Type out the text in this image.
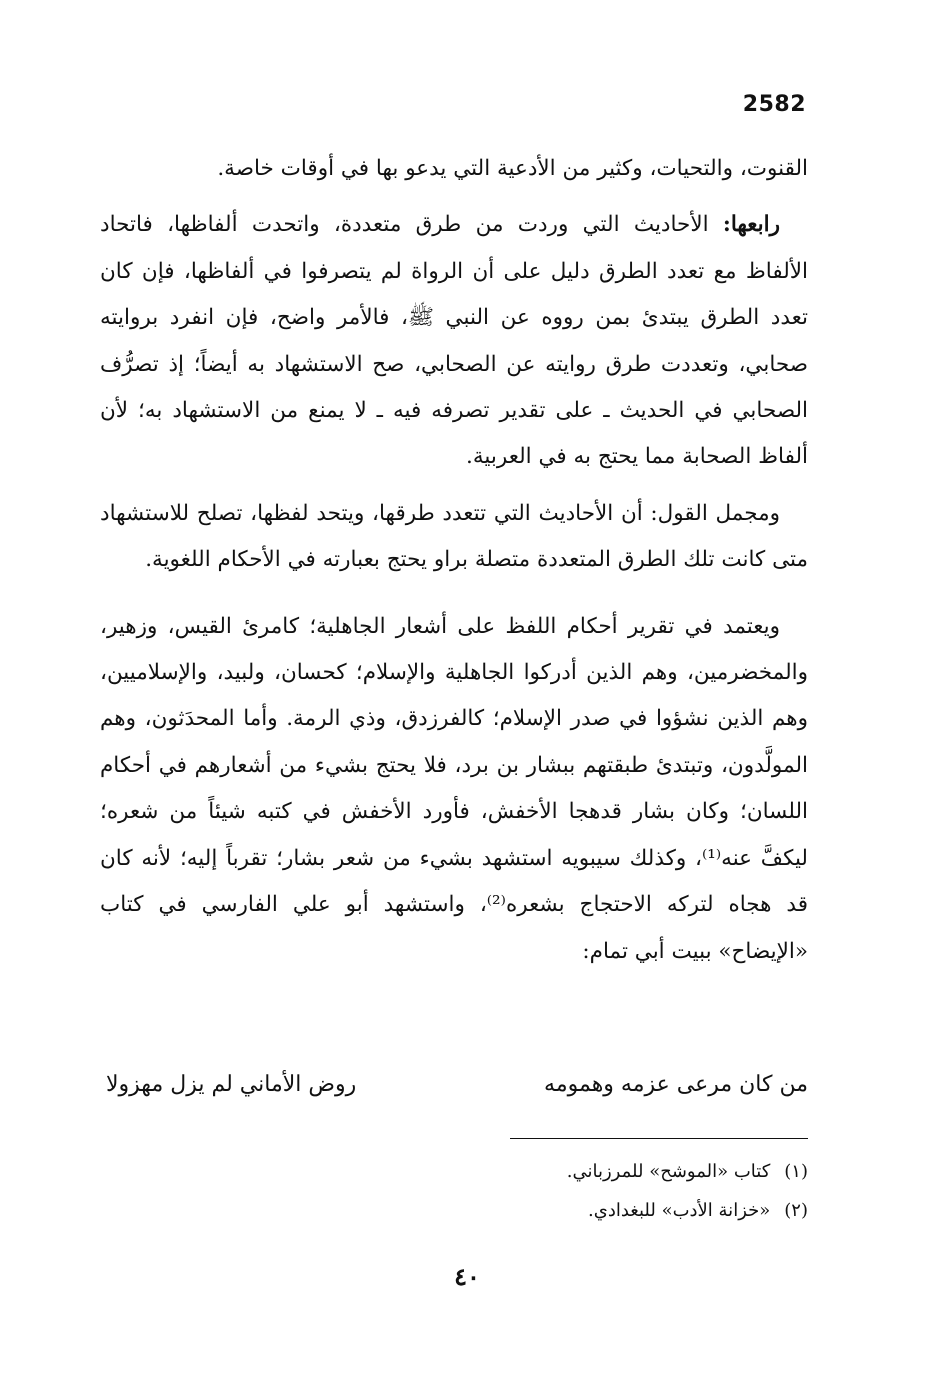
2582

القنوت، والتحيات، وكثير من الأدعية التي يدعو بها في أوقات خاصة.

رابعها: الأحاديث التي وردت من طرق متعددة، واتحدت ألفاظها، فاتحاد الألفاظ مع تعدد الطرق دليل على أن الرواة لم يتصرفوا في ألفاظها، فإن كان تعدد الطرق يبتدئ بمن رووه عن النبي ﷺ، فالأمر واضح، فإن انفرد بروايته صحابي، وتعددت طرق روايته عن الصحابي، صح الاستشهاد به أيضاً؛ إذ تصرُّف الصحابي في الحديث ـ على تقدير تصرفه فيه ـ لا يمنع من الاستشهاد به؛ لأن ألفاظ الصحابة مما يحتج به في العربية.

ومجمل القول: أن الأحاديث التي تتعدد طرقها، ويتحد لفظها، تصلح للاستشهاد متى كانت تلك الطرق المتعددة متصلة براو يحتج بعبارته في الأحكام اللغوية.

ويعتمد في تقرير أحكام اللفظ على أشعار الجاهلية؛ كامرئ القيس، وزهير، والمخضرمين، وهم الذين أدركوا الجاهلية والإسلام؛ كحسان، ولبيد، والإسلاميين، وهم الذين نشؤوا في صدر الإسلام؛ كالفرزدق، وذي الرمة. وأما المحدَثون، وهم المولَّدون، وتبتدئ طبقتهم ببشار بن برد، فلا يحتج بشيء من أشعارهم في أحكام اللسان؛ وكان بشار قدهجا الأخفش، فأورد الأخفش في كتبه شيئاً من شعره؛ ليكفَّ عنه⁽¹⁾، وكذلك سيبويه استشهد بشيء من شعر بشار؛ تقرباً إليه؛ لأنه كان قد هجاه لتركه الاحتجاج بشعره⁽²⁾، واستشهد أبو علي الفارسي في كتاب «الإيضاح» ببيت أبي تمام:

من كان مرعى عزمه وهمومه
روض الأماني لم يزل مهزولا

(١)كتاب «الموشح» للمرزباني.

(٢)«خزانة الأدب» للبغدادي.

٤٠
